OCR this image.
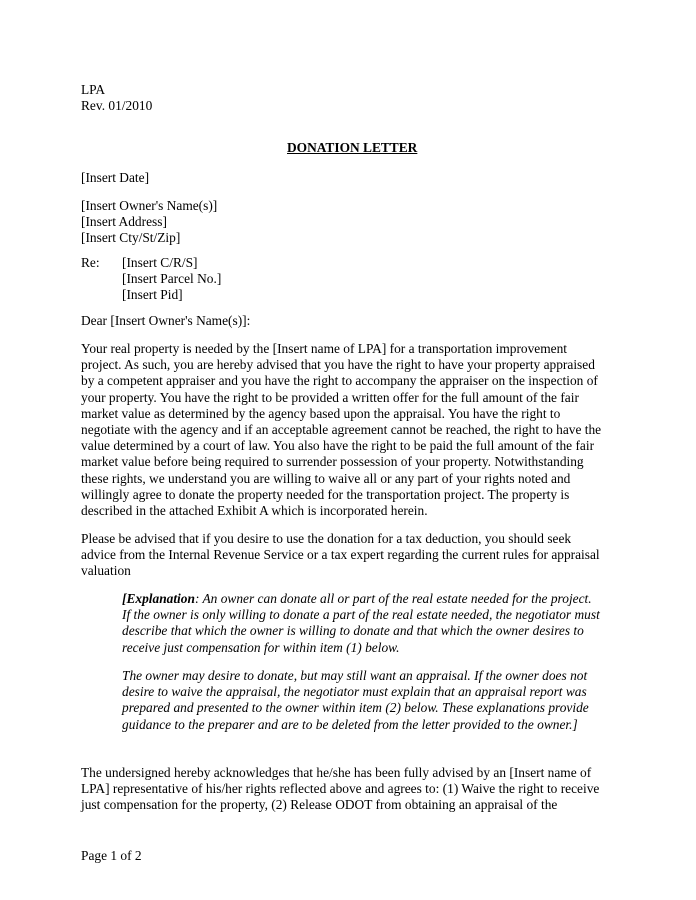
LPA
Rev. 01/2010
DONATION LETTER
[Insert Date]
[Insert Owner's Name(s)]
[Insert Address]
[Insert Cty/St/Zip]
Re: [Insert C/R/S]
[Insert Parcel No.]
[Insert Pid]
Dear [Insert Owner's Name(s)]:
Your real property is needed by the [Insert name of LPA] for a transportation improvement
project. As such, you are hereby advised that you have the right to have your property appraised
by a competent appraiser and you have the right to accompany the appraiser on the inspection of
your property. You have the right to be provided a written offer for the full amount of the fair
market value as determined by the agency based upon the appraisal. You have the right to
negotiate with the agency and if an acceptable agreement cannot be reached, the right to have the
value determined by a court of law. You also have the right to be paid the full amount of the fair
market value before being required to surrender possession of your property. Notwithstanding
these rights, we understand you are willing to waive all or any part of your rights noted and
willingly agree to donate the property needed for the transportation project. The property is
described in the attached Exhibit A which is incorporated herein.
Please be advised that if you desire to use the donation for a tax deduction, you should seek
advice from the Internal Revenue Service or a tax expert regarding the current rules for appraisal
valuation
[Explanation: An owner can donate all or part of the real estate needed for the project.
If the owner is only willing to donate a part of the real estate needed, the negotiator must
describe that which the owner is willing to donate and that which the owner desires to
receive just compensation for within item (1) below.
The owner may desire to donate, but may still want an appraisal. If the owner does not
desire to waive the appraisal, the negotiator must explain that an appraisal report was
prepared and presented to the owner within item (2) below. These explanations provide
guidance to the preparer and are to be deleted from the letter provided to the owner.]
The undersigned hereby acknowledges that he/she has been fully advised by an [Insert name of
LPA] representative of his/her rights reflected above and agrees to: (1) Waive the right to receive
just compensation for the property, (2) Release ODOT from obtaining an appraisal of the
Page 1 of 2
